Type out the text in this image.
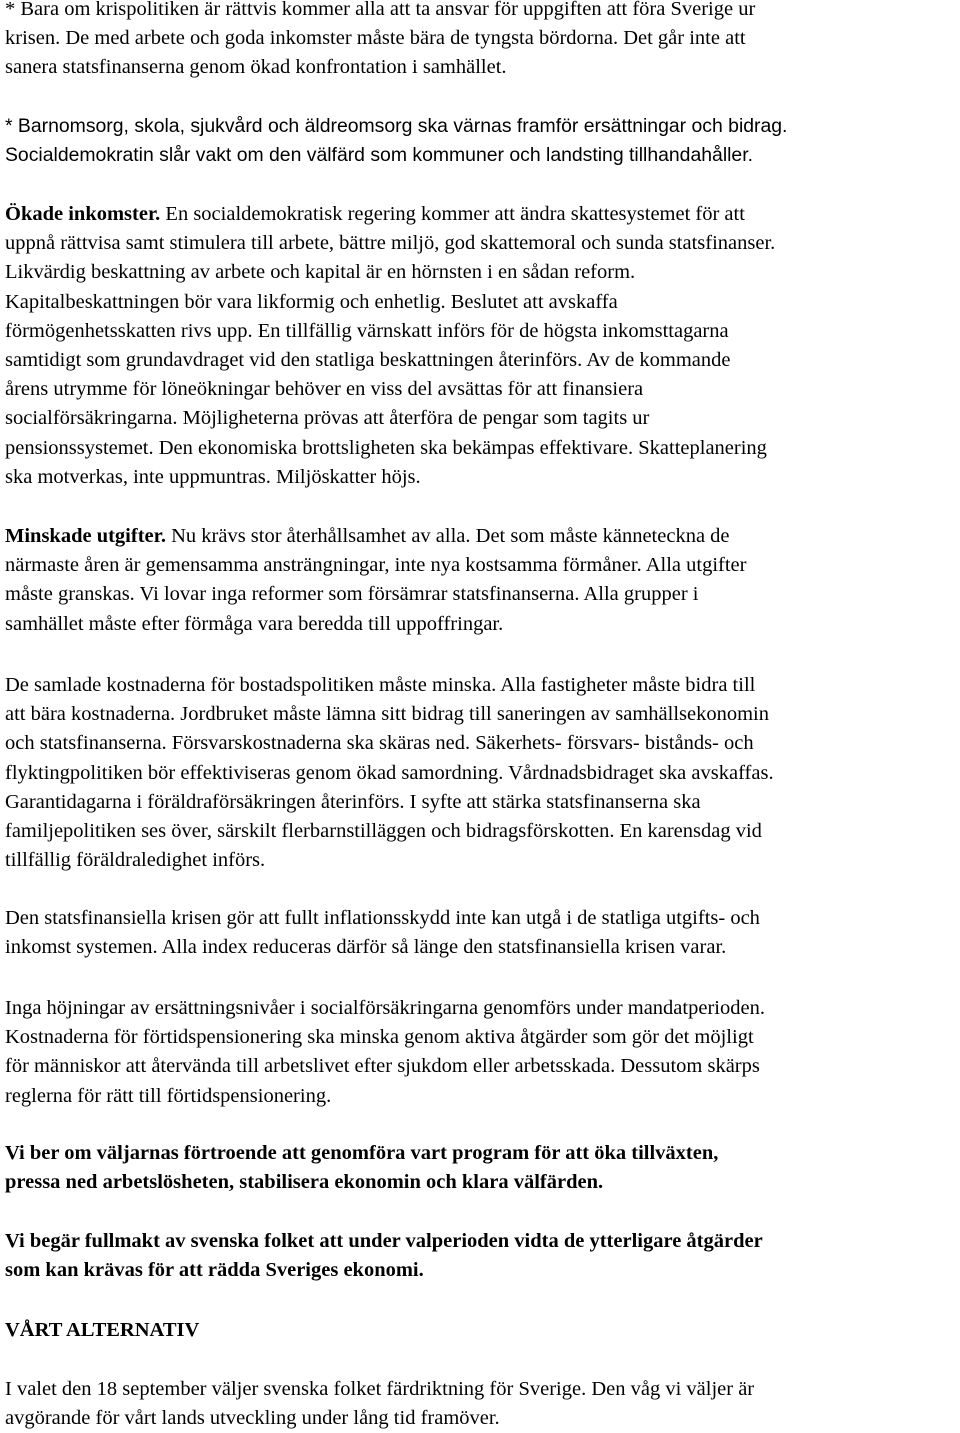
* Bara om krispolitiken är rättvis kommer alla att ta ansvar för uppgiften att föra Sverige ur
krisen. De med arbete och goda inkomster måste bära de tyngsta bördorna. Det går inte att
sanera statsfinanserna genom ökad konfrontation i samhället.

* Barnomsorg, skola, sjukvård och äldreomsorg ska värnas framför ersättningar och bidrag.
Socialdemokratin slår vakt om den välfärd som kommuner och landsting tillhandahåller.

Ökade inkomster. En socialdemokratisk regering kommer att ändra skattesystemet för att
uppnå rättvisa samt stimulera till arbete, bättre miljö, god skattemoral och sunda statsfinanser.
Likvärdig beskattning av arbete och kapital är en hörnsten i en sådan reform.
Kapitalbeskattningen bör vara likformig och enhetlig. Beslutet att avskaffa
förmögenhetsskatten rivs upp. En tillfällig värnskatt införs för de högsta inkomsttagarna
samtidigt som grundavdraget vid den statliga beskattningen återinförs. Av de kommande
årens utrymme för löneökningar behöver en viss del avsättas för att finansiera
socialförsäkringarna. Möjligheterna prövas att återföra de pengar som tagits ur
pensionssystemet. Den ekonomiska brottsligheten ska bekämpas effektivare. Skatteplanering
ska motverkas, inte uppmuntras. Miljöskatter höjs.

Minskade utgifter. Nu krävs stor återhållsamhet av alla. Det som måste känneteckna de
närmaste åren är gemensamma ansträngningar, inte nya kostsamma förmåner. Alla utgifter
måste granskas. Vi lovar inga reformer som försämrar statsfinanserna. Alla grupper i
samhället måste efter förmåga vara beredda till uppoffringar.

De samlade kostnaderna för bostadspolitiken måste minska. Alla fastigheter måste bidra till
att bära kostnaderna. Jordbruket måste lämna sitt bidrag till saneringen av samhällsekonomin
och statsfinanserna. Försvarskostnaderna ska skäras ned. Säkerhets- försvars- bistånds- och
flyktingpolitiken bör effektiviseras genom ökad samordning. Vårdnadsbidraget ska avskaffas.
Garantidagarna i föräldraförsäkringen återinförs. I syfte att stärka statsfinanserna ska
familjepolitiken ses över, särskilt flerbarnstilläggen och bidragsförskotten. En karensdag vid
tillfällig föräldraledighet införs.

Den statsfinansiella krisen gör att fullt inflationsskydd inte kan utgå i de statliga utgifts- och
inkomst systemen. Alla index reduceras därför så länge den statsfinansiella krisen varar.

Inga höjningar av ersättningsnivåer i socialförsäkringarna genomförs under mandatperioden.
Kostnaderna för förtidspensionering ska minska genom aktiva åtgärder som gör det möjligt
för människor att återvända till arbetslivet efter sjukdom eller arbetsskada. Dessutom skärps
reglerna för rätt till förtidspensionering.

Vi ber om väljarnas förtroende att genomföra vart program för att öka tillväxten,
pressa ned arbetslösheten, stabilisera ekonomin och klara välfärden.

Vi begär fullmakt av svenska folket att under valperioden vidta de ytterligare åtgärder
som kan krävas för att rädda Sveriges ekonomi.

VÅRT ALTERNATIV

I valet den 18 september väljer svenska folket färdriktning för Sverige. Den våg vi väljer är
avgörande för vårt lands utveckling under lång tid framöver.
